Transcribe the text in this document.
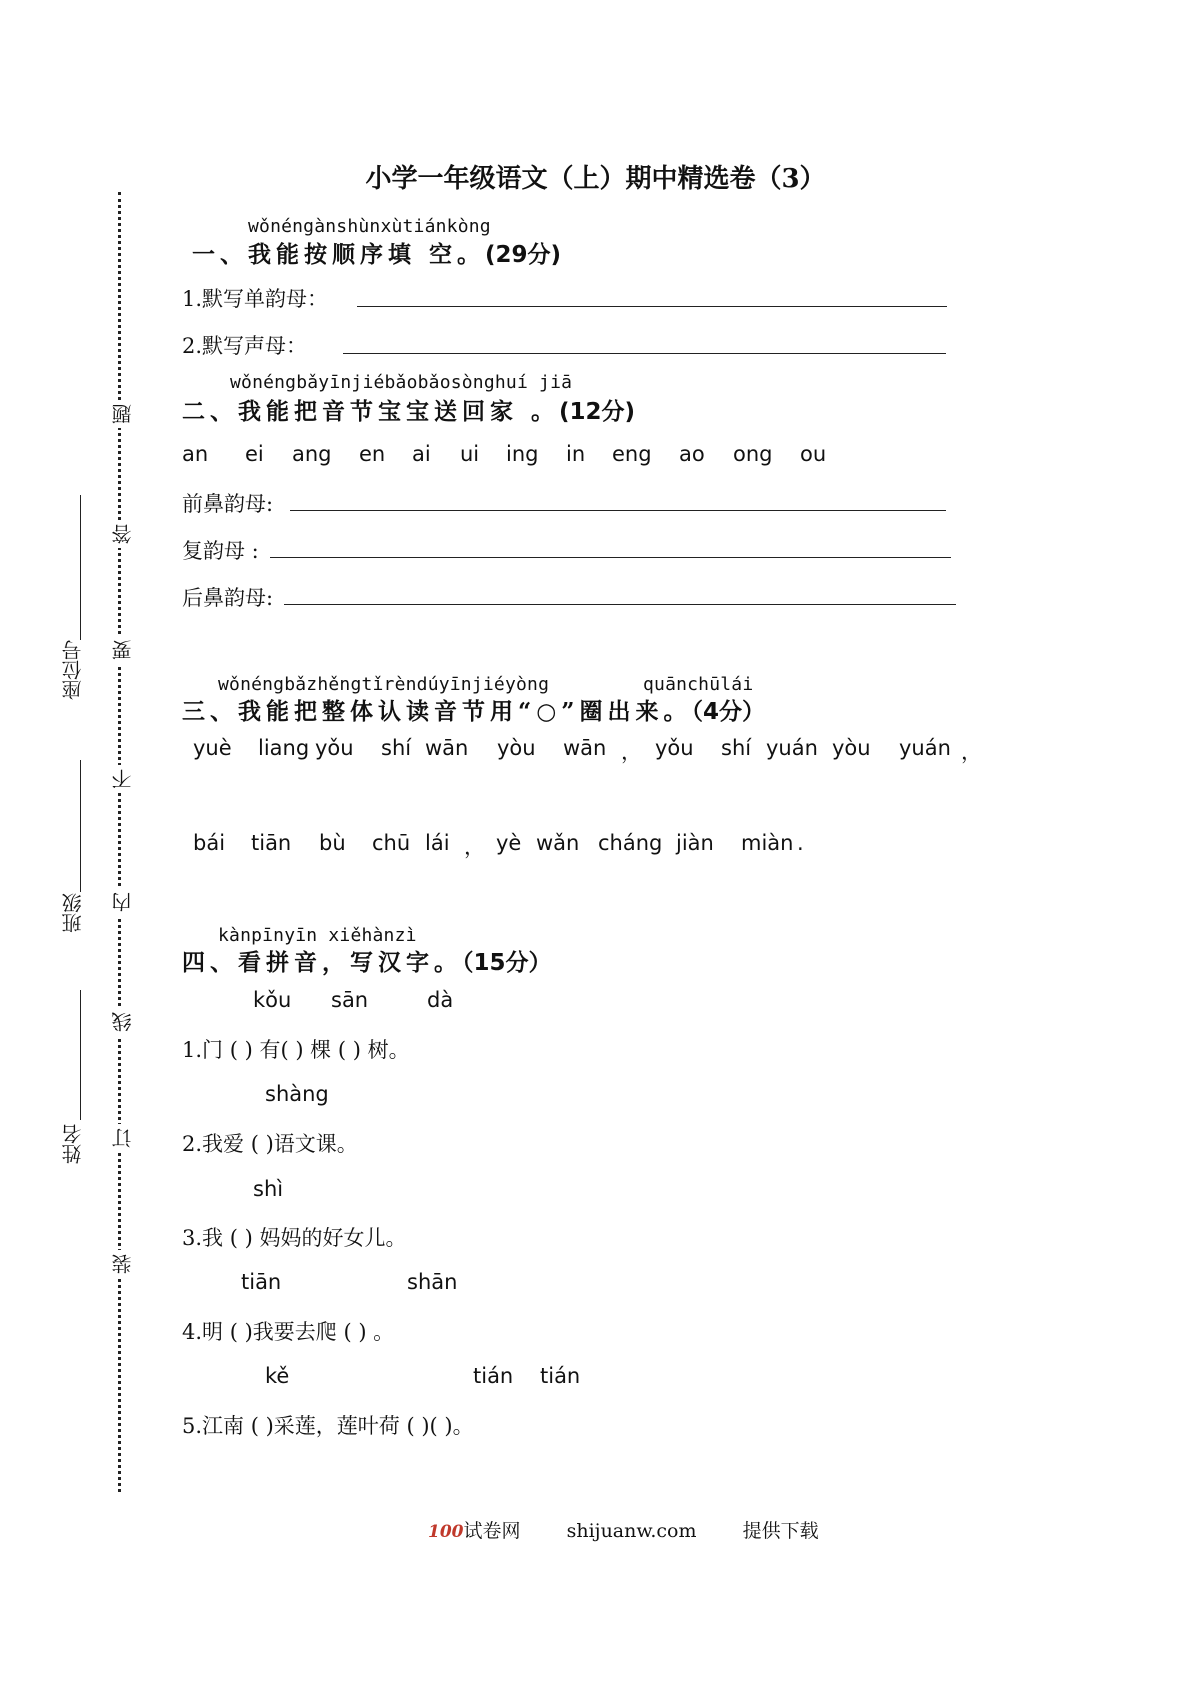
题
答
要
不
内
线
订
装
座位号
班级
姓名
小学一年级语文（上）期中精选卷（3）
wǒnéngànshùnxùtiánkòng
一、我能按顺序填 空。(29分)
1.默写单韵母：
2.默写声母：
wǒnéngbǎyīnjiébǎobǎosònghuí jiā
二、我能把音节宝宝送回家 。(12分)
an ei ang en ai ui ing in eng ao ong ou
前鼻韵母:
复韵母 :
后鼻韵母:
wǒnéngbǎzhěngtǐrèndúyīnjiéyòng	quānchūlái
三、我能把整体认读音节用“○”圈出来。（4分）
yuè liang yǒu shí wān yòu wān ， yǒu shí yuán yòu yuán ，
bái tiān bù chū lái ， yè wǎn cháng jiàn miàn .
kànpīnyīn xiěhànzì
四、看拼音，写汉字。（15分）
kǒu sān	dà
1.门 ( ) 有( ) 棵 ( ) 树。
shàng
2.我爱 ( )语文课。
shì
3.我 ( ) 妈妈的好女儿。
tiān	shān
4.明 ( )我要去爬 ( ) 。
kě	tián tián
5.江南 ( )采莲，莲叶荷 ( )( )。
100试卷网 shijuanw.com 提供下载
